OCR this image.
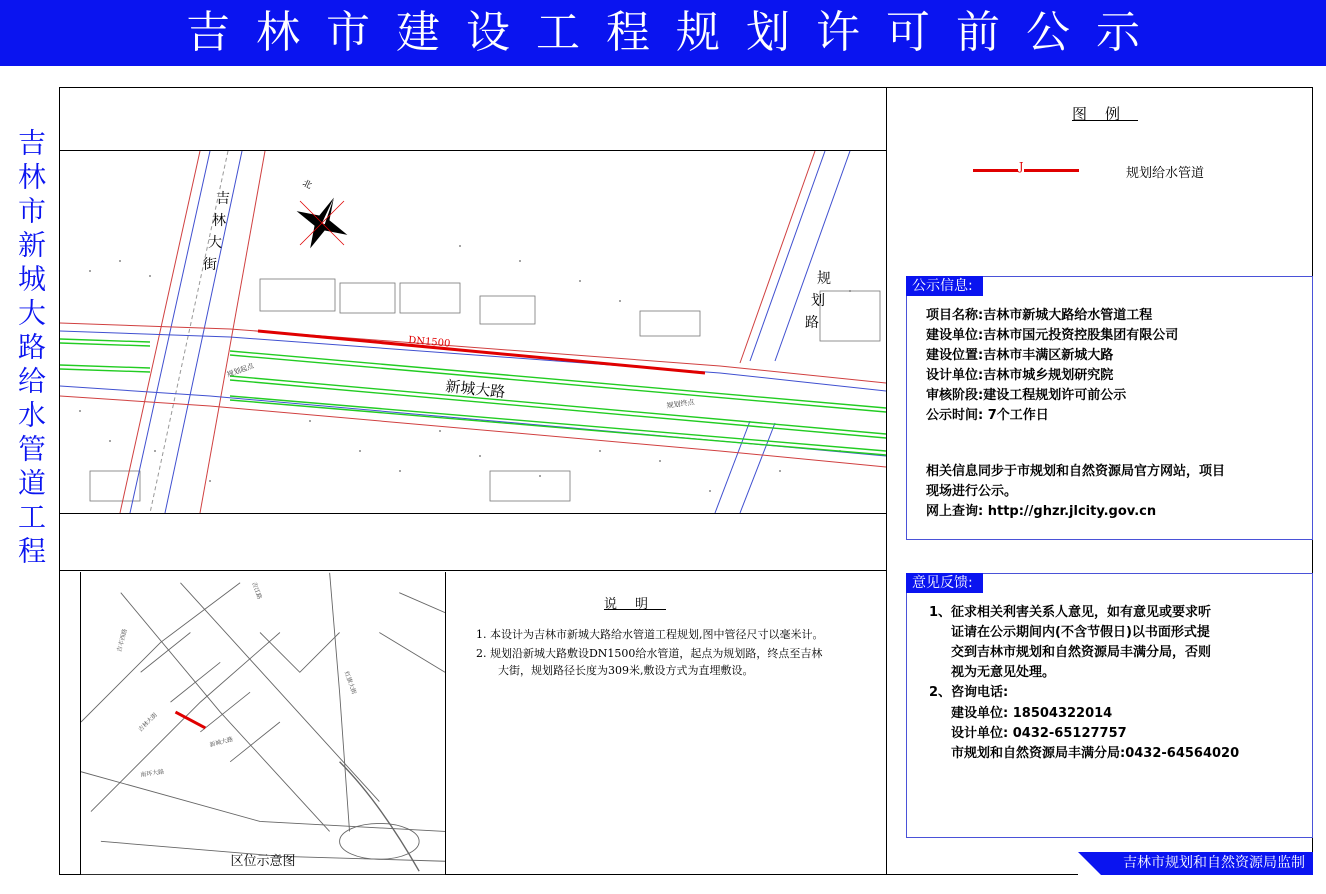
吉林市建设工程规划许可前公示
吉林市新城大路给水管道工程	DN1500
规划起点
规划终点
新城大路
吉
林
大
街
规
划
路
北
吉林大街
新城大路
南环大路
吉丰西路
红旗大街
吉江路
区位示意图
说明

1. 本设计为吉林市新城大路给水管道工程规划,图中管径尺寸以毫米计。

2. 规划沿新城大路敷设DN1500给水管道，起点为规划路，终点至吉林大街，规划路径长度为309米,敷设方式为直埋敷设。

图例
J	规划给水管道
公示信息:
项目名称:吉林市新城大路给水管道工程
建设单位:吉林市国元投资控股集团有限公司
建设位置:吉林市丰满区新城大路
设计单位:吉林市城乡规划研究院
审核阶段:建设工程规划许可前公示
公示时间: 7个工作日
相关信息同步于市规划和自然资源局官方网站，项目
现场进行公示。
网上查询: http://ghzr.jlcity.gov.cn
意见反馈:
1、征求相关利害关系人意见，如有意见或要求听
证请在公示期间内(不含节假日)以书面形式提
交到吉林市规划和自然资源局丰满分局，否则
视为无意见处理。
2、咨询电话:
建设单位: 18504322014
设计单位: 0432-65127757
市规划和自然资源局丰满分局:0432-64564020
吉林市规划和自然资源局监制
